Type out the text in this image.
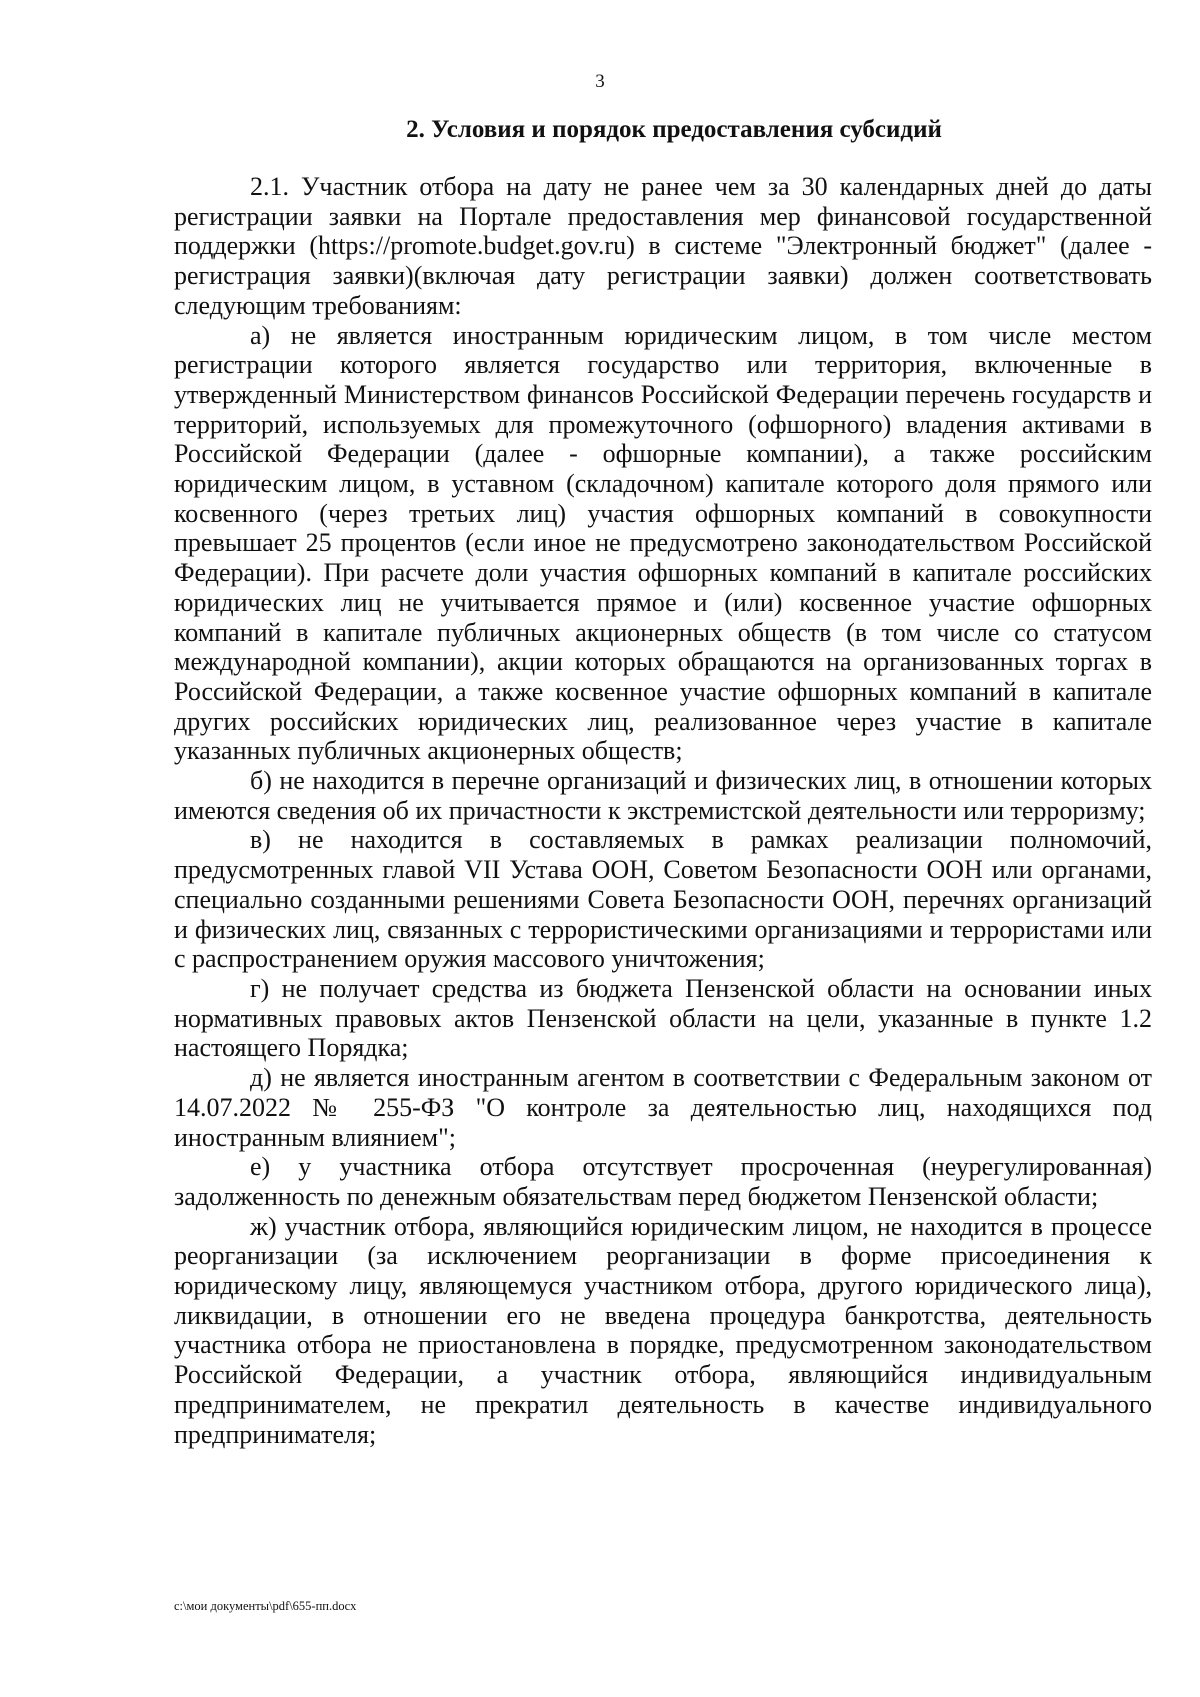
3
2. Условия и порядок предоставления субсидий

2.1. Участник отбора на дату не ранее чем за 30 календарных дней до даты регистрации заявки на Портале предоставления мер финансовой государственной поддержки (https://promote.budget.gov.ru) в системе "Электронный бюджет" (далее - регистрация заявки)(включая дату регистрации заявки) должен соответствовать следующим требованиям:

а) не является иностранным юридическим лицом, в том числе местом регистрации которого является государство или территория, включенные в утвержденный Министерством финансов Российской Федерации перечень государств и территорий, используемых для промежуточного (офшорного) владения активами в Российской Федерации (далее - офшорные компании), а также российским юридическим лицом, в уставном (складочном) капитале которого доля прямого или косвенного (через третьих лиц) участия офшорных компаний в совокупности превышает 25 процентов (если иное не предусмотрено законодательством Российской Федерации). При расчете доли участия офшорных компаний в капитале российских юридических лиц не учитывается прямое и (или) косвенное участие офшорных компаний в капитале публичных акционерных обществ (в том числе со статусом международной компании), акции которых обращаются на организованных торгах в Российской Федерации, а также косвенное участие офшорных компаний в капитале других российских юридических лиц, реализованное через участие в капитале указанных публичных акционерных обществ;

б) не находится в перечне организаций и физических лиц, в отношении которых имеются сведения об их причастности к экстремистской деятельности или терроризму;

в) не находится в составляемых в рамках реализации полномочий, предусмотренных главой VII Устава ООН, Советом Безопасности ООН или органами, специально созданными решениями Совета Безопасности ООН, перечнях организаций и физических лиц, связанных с террористическими организациями и террористами или с распространением оружия массового уничтожения;

г) не получает средства из бюджета Пензенской области на основании иных нормативных правовых актов Пензенской области на цели, указанные в пункте 1.2 настоящего Порядка;

д) не является иностранным агентом в соответствии с Федеральным законом от 14.07.2022 № 255-ФЗ "О контроле за деятельностью лиц, находящихся под иностранным влиянием";

е) у участника отбора отсутствует просроченная (неурегулированная) задолженность по денежным обязательствам перед бюджетом Пензенской области;

ж) участник отбора, являющийся юридическим лицом, не находится в процессе реорганизации (за исключением реорганизации в форме присоединения к юридическому лицу, являющемуся участником отбора, другого юридического лица), ликвидации, в отношении его не введена процедура банкротства, деятельность участника отбора не приостановлена в порядке, предусмотренном законодательством Российской Федерации, а участник отбора, являющийся индивидуальным предпринимателем, не прекратил деятельность в качестве индивидуального предпринимателя;

c:\мои документы\pdf\655-пп.docx
